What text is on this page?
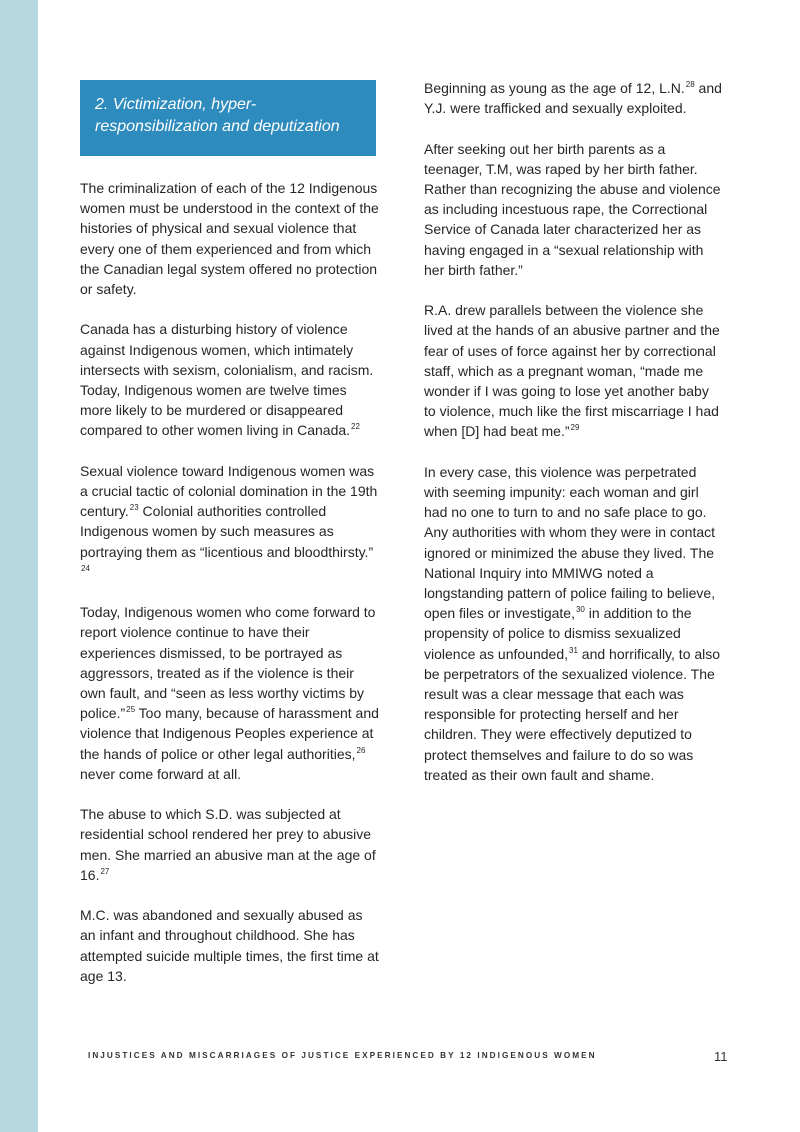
2. Victimization, hyper-
responsibilization and deputization

The criminalization of each of the 12 Indigenous women must be understood in the context of the histories of physical and sexual violence that every one of them experienced and from which the Canadian legal system offered no protection or safety.

Canada has a disturbing history of violence against Indigenous women, which intimately intersects with sexism, colonialism, and racism. Today, Indigenous women are twelve times more likely to be murdered or disappeared compared to other women living in Canada.$^{22}$

Sexual violence toward Indigenous women was a crucial tactic of colonial domination in the 19th century.$^{23}$ Colonial authorities controlled Indigenous women by such measures as portraying them as “licentious and bloodthirsty.” $^{24}$

Today, Indigenous women who come forward to report violence continue to have their experiences dismissed, to be portrayed as aggressors, treated as if the violence is their own fault, and “seen as less worthy victims by police.”$^{25}$ Too many, because of harassment and violence that Indigenous Peoples experience at the hands of police or other legal authorities,$^{26}$ never come forward at all.

The abuse to which S.D. was subjected at residential school rendered her prey to abusive men. She married an abusive man at the age of 16.27

M.C. was abandoned and sexually abused as an infant and throughout childhood. She has attempted suicide multiple times, the first time at age 13.

Beginning as young as the age of 12, L.N.$^{28}$ and Y.J. were trafficked and sexually exploited.

After seeking out her birth parents as a teenager, T.M, was raped by her birth father. Rather than recognizing the abuse and violence as including incestuous rape, the Correctional Service of Canada later characterized her as having engaged in a “sexual relationship with her birth father.”

R.A. drew parallels between the violence she lived at the hands of an abusive partner and the fear of uses of force against her by correctional staff, which as a pregnant woman, “made me wonder if I was going to lose yet another baby to violence, much like the first miscarriage I had when [D] had beat me.”$^{29}$

In every case, this violence was perpetrated with seeming impunity: each woman and girl had no one to turn to and no safe place to go. Any authorities with whom they were in contact ignored or minimized the abuse they lived. The National Inquiry into MMIWG noted a longstanding pattern of police failing to believe, open files or investigate,$^{30}$ in addition to the propensity of police to dismiss sexualized violence as unfounded,$^{31}$ and horrifically, to also be perpetrators of the sexualized violence. The result was a clear message that each was responsible for protecting herself and her children. They were effectively deputized to protect themselves and failure to do so was treated as their own fault and shame.

INJUSTICES AND MISCARRIAGES OF JUSTICE EXPERIENCED BY 12 INDIGENOUS WOMEN	11
